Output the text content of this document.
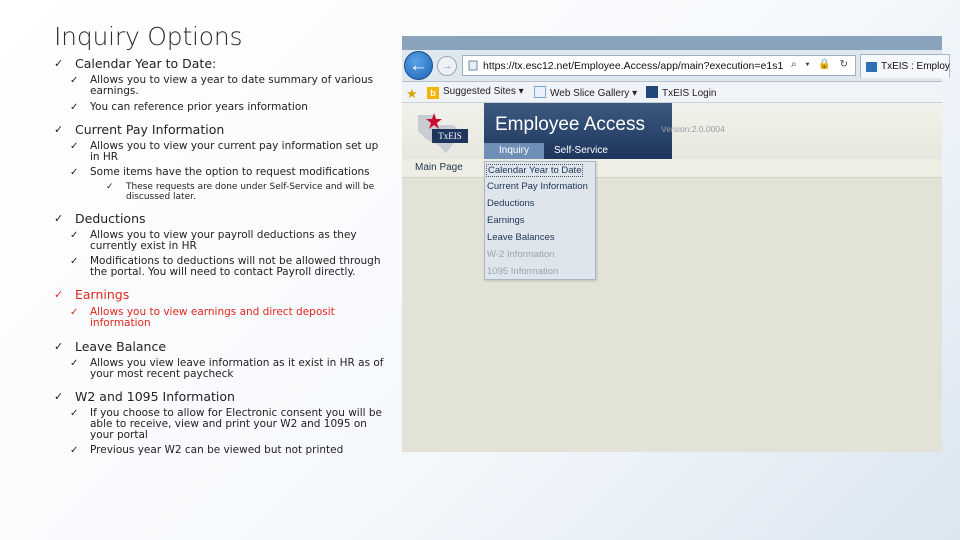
Inquiry Options
✓ Calendar Year to Date:
✓ Allows you to view a year to date summary of various earnings.
✓ You can reference prior years information
✓ Current Pay Information
✓ Allows you to view your current pay information set up in HR
✓ Some items have the option to request modifications
✓ These requests are done under Self-Service and will be discussed later.
✓ Deductions
✓ Allows you to view your payroll deductions as they currently exist in HR
✓ Modifications to deductions will not be allowed through the portal. You will need to contact Payroll directly.
✓ Earnings
✓ Allows you to view earnings and direct deposit information
✓ Leave Balance
✓ Allows you view leave information as it exist in HR as of your most recent paycheck
✓ W2 and 1095 Information
✓ If you choose to allow for Electronic consent you will be able to receive, view and print your W2 and 1095 on your portal
✓ Previous year W2 can be viewed but not printed
←	→	https://tx.esc12.net/Employee.Access/app/main?execution=e1s1 ⌕ ▾ 🔒 ↻	TxEIS : Employ
★	b Suggested Sites ▾	Web Slice Gallery ▾	TxEIS Login
TxEIS
Employee Access Version:2.0.0004
Inquiry	Self-Service
Main Page	Calendar Year to Date
Current Pay Information
Deductions
Earnings
Leave Balances
W-2 Information
1095 Information
